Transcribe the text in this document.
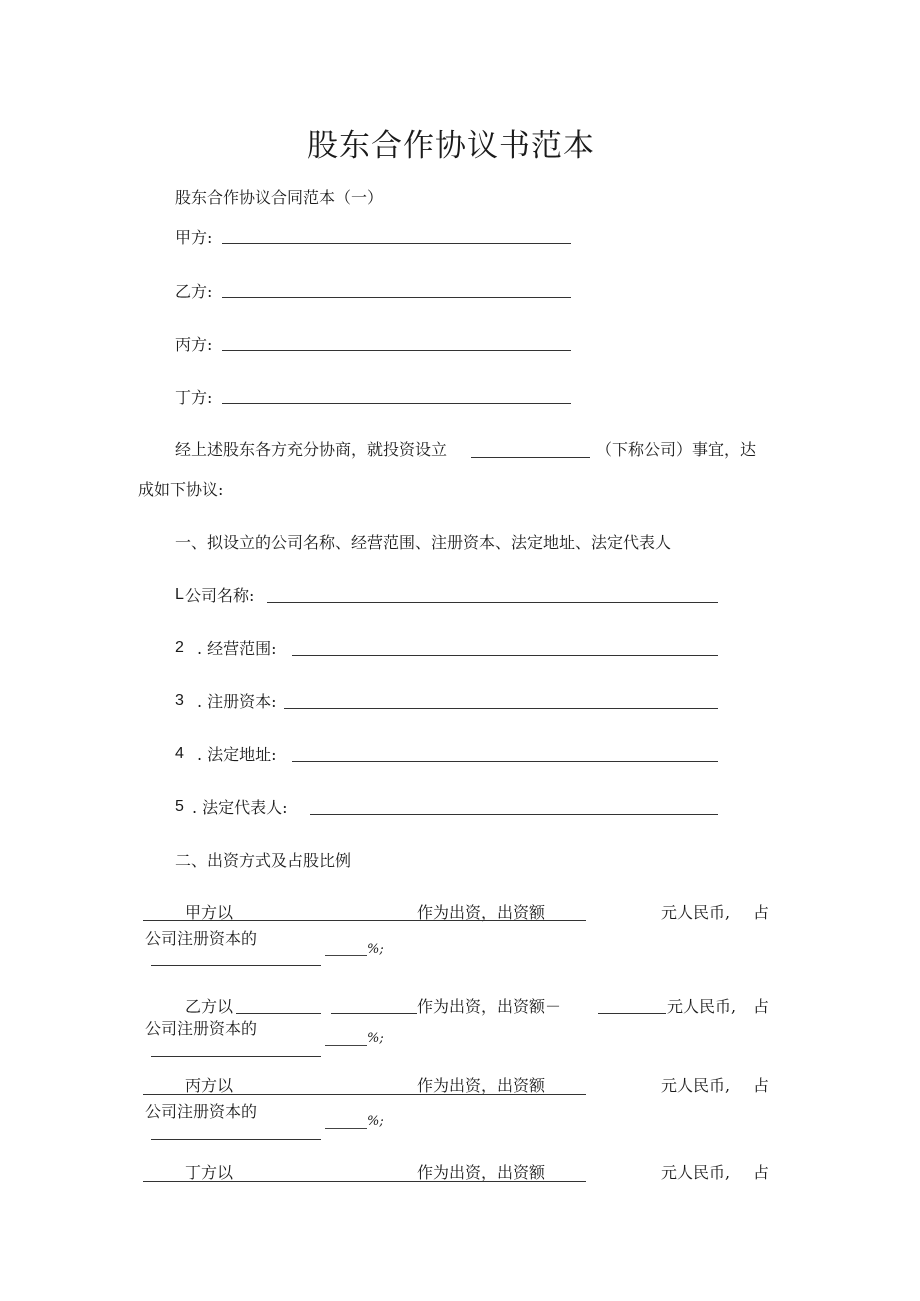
股东合作协议书范本
股东合作协议合同范本（一）
甲方:
乙方:
丙方:
丁方:
经上述股东各方充分协商，就投资设立	（下称公司）事宜，达
成如下协议:
一、拟设立的公司名称、经营范围、注册资本、法定地址、法定代表人
L 公司名称:
2 . 经营范围:
3 . 注册资本:
4 . 法定地址:
5 . 法定代表人:
二、出资方式及占股比例
甲方以	作为出资，出资额	元人民币, 占
公司注册资本的
%;
乙方以	作为出资，出资额－	元人民币, 占
公司注册资本的
%;
丙方以	作为出资，出资额	元人民币, 占
公司注册资本的
%;
丁方以	作为出资，出资额	元人民币, 占
